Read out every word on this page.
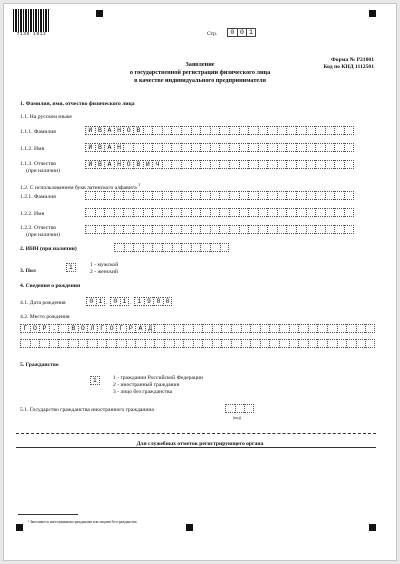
7130 1013	Стр.	0 0 1
Форма № Р21001
Код по КНД 1112501
Заявление
о государственной регистрации физического лица
в качестве индивидуального предпринимателя
1. Фамилия, имя, отчество физического лица
1.1. На русском языке
1.1.1. Фамилия	И В А Н О В
1.1.2. Имя	И В А Н
1.1.3. Отчество
(при наличии)
И В А Н О В И Ч
1.2. С использованием букв латинского алфавита $^1$
1.2.1. Фамилия
1.2.2. Имя
1.2.3. Отчество
(при наличии)
2. ИНН (при наличии)
3. Пол	1	1 - мужской
2 - женский
4. Сведения о рождении
4.1. Дата рождения	0 1 . 0 1 . 1 9 8 0
4.2. Место рождения
Г О Р .	В О Л Г О Г Р А Д
5. Гражданство
1	1 - гражданин Российской Федерации
2 - иностранный гражданин
3 - лицо без гражданства
5.1. Государство гражданства иностранного гражданина
(код)
Для служебных отметок регистрирующего органа
¹ Заполняется иностранными гражданами или лицами без гражданства.
